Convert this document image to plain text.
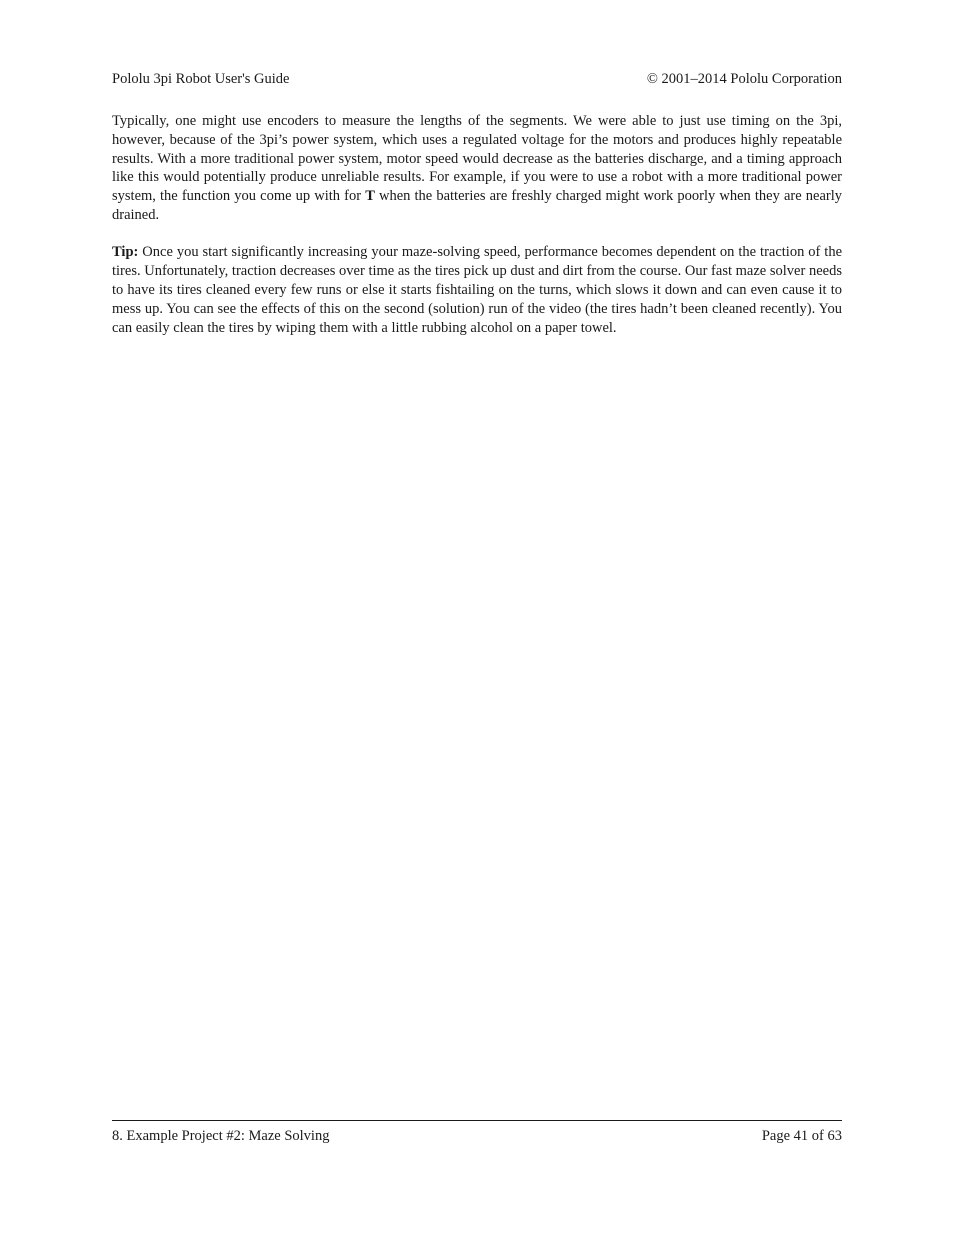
Pololu 3pi Robot User's Guide	© 2001–2014 Pololu Corporation

Typically, one might use encoders to measure the lengths of the segments. We were able to just use timing on the 3pi, however, because of the 3pi’s power system, which uses a regulated voltage for the motors and produces highly repeatable results. With a more traditional power system, motor speed would decrease as the batteries discharge, and a timing approach like this would potentially produce unreliable results. For example, if you were to use a robot with a more traditional power system, the function you come up with for T when the batteries are freshly charged might work poorly when they are nearly drained.

Tip: Once you start significantly increasing your maze-solving speed, performance becomes dependent on the traction of the tires. Unfortunately, traction decreases over time as the tires pick up dust and dirt from the course. Our fast maze solver needs to have its tires cleaned every few runs or else it starts fishtailing on the turns, which slows it down and can even cause it to mess up. You can see the effects of this on the second (solution) run of the video (the tires hadn’t been cleaned recently). You can easily clean the tires by wiping them with a little rubbing alcohol on a paper towel.

8. Example Project #2: Maze Solving	Page 41 of 63
